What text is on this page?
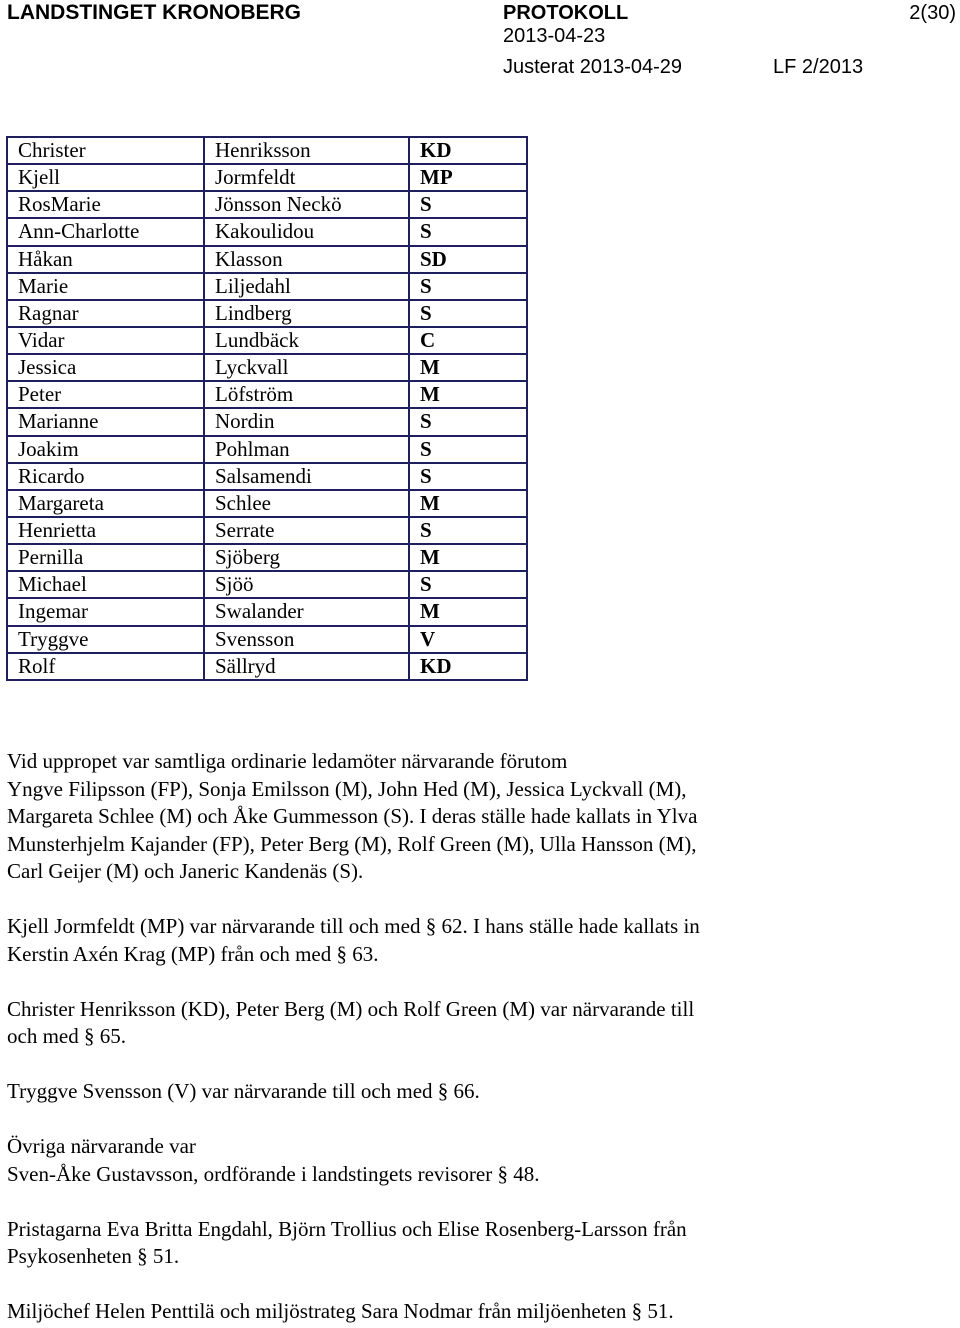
LANDSTINGET KRONOBERG	PROTOKOLL	2(30)
2013-04-23
Justerat 2013-04-29	LF 2/2013
Christer	Henriksson	KD
Kjell	Jormfeldt	MP
RosMarie	Jönsson Neckö	S
Ann-Charlotte	Kakoulidou	S
Håkan	Klasson	SD
Marie	Liljedahl	S
Ragnar	Lindberg	S
Vidar	Lundbäck	C
Jessica	Lyckvall	M
Peter	Löfström	M
Marianne	Nordin	S
Joakim	Pohlman	S
Ricardo	Salsamendi	S
Margareta	Schlee	M
Henrietta	Serrate	S
Pernilla	Sjöberg	M
Michael	Sjöö	S
Ingemar	Swalander	M
Tryggve	Svensson	V
Rolf	Sällryd	KD

Vid uppropet var samtliga ordinarie ledamöter närvarande förutom
Yngve Filipsson (FP), Sonja Emilsson (M), John Hed (M), Jessica Lyckvall (M),
Margareta Schlee (M) och Åke Gummesson (S). I deras ställe hade kallats in Ylva
Munsterhjelm Kajander (FP), Peter Berg (M), Rolf Green (M), Ulla Hansson (M),
Carl Geijer (M) och Janeric Kandenäs (S).

Kjell Jormfeldt (MP) var närvarande till och med § 62. I hans ställe hade kallats in
Kerstin Axén Krag (MP) från och med § 63.

Christer Henriksson (KD), Peter Berg (M) och Rolf Green (M) var närvarande till
och med § 65.

Tryggve Svensson (V) var närvarande till och med § 66.

Övriga närvarande var
Sven-Åke Gustavsson, ordförande i landstingets revisorer § 48.

Pristagarna Eva Britta Engdahl, Björn Trollius och Elise Rosenberg-Larsson från
Psykosenheten § 51.

Miljöchef Helen Penttilä och miljöstrateg Sara Nodmar från miljöenheten § 51.
